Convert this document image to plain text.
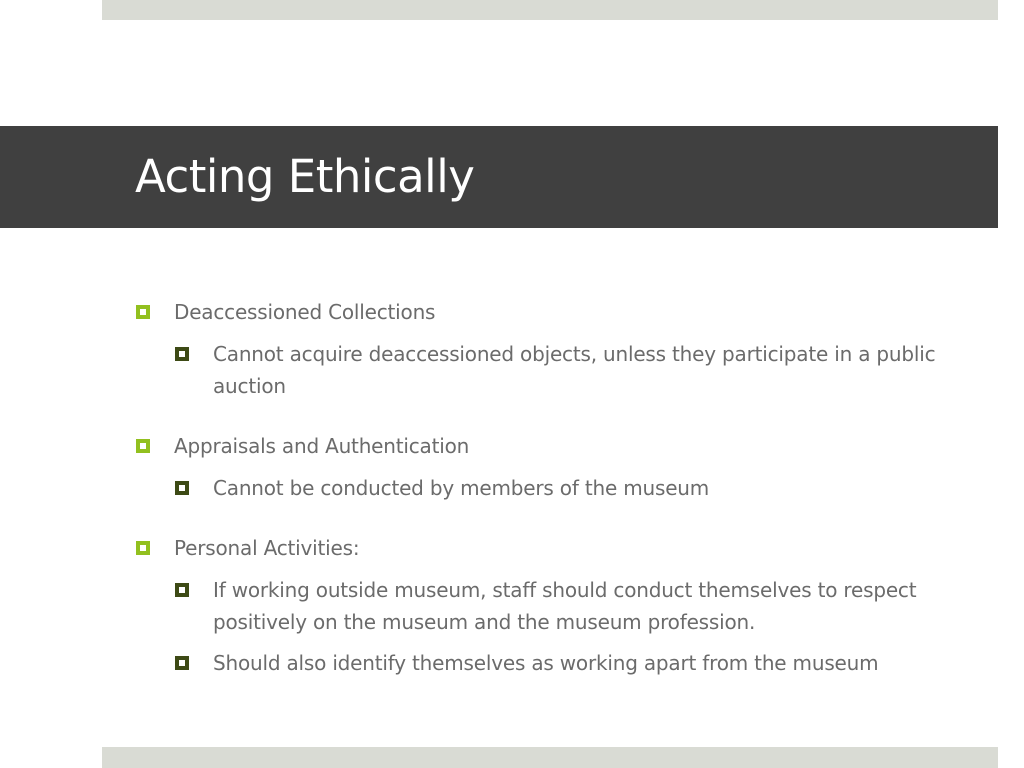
Acting Ethically
Deaccessioned Collections
Cannot acquire deaccessioned objects, unless they participate in a public auction
Appraisals and Authentication
Cannot be conducted by members of the museum
Personal Activities:
If working outside museum, staff should conduct themselves to respect positively on the museum and the museum profession.
Should also identify themselves as working apart from the museum
